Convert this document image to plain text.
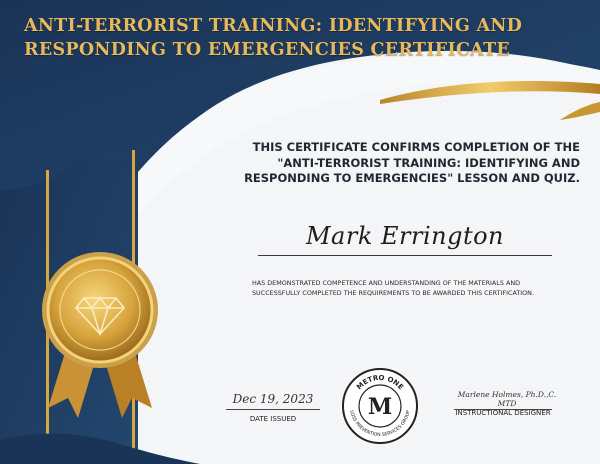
ANTI-TERRORIST TRAINING: IDENTIFYING AND RESPONDING TO EMERGENCIES CERTIFICATE

THIS CERTIFICATE CONFIRMS COMPLETION OF THE "ANTI-TERRORIST TRAINING: IDENTIFYING AND RESPONDING TO EMERGENCIES" LESSON AND QUIZ.

Mark Errington

HAS DEMONSTRATED COMPETENCE AND UNDERSTANDING OF THE MATERIALS AND SUCCESSFULLY COMPLETED THE REQUIREMENTS TO BE AWARDED THIS CERTIFICATION.

METRO ONE
LOSS PREVENTION SERVICES GROUP
M
Dec 19, 2023
DATE ISSUED
Marlene Holmes, Ph.D.,C. MTD
INSTRUCTIONAL DESIGNER
